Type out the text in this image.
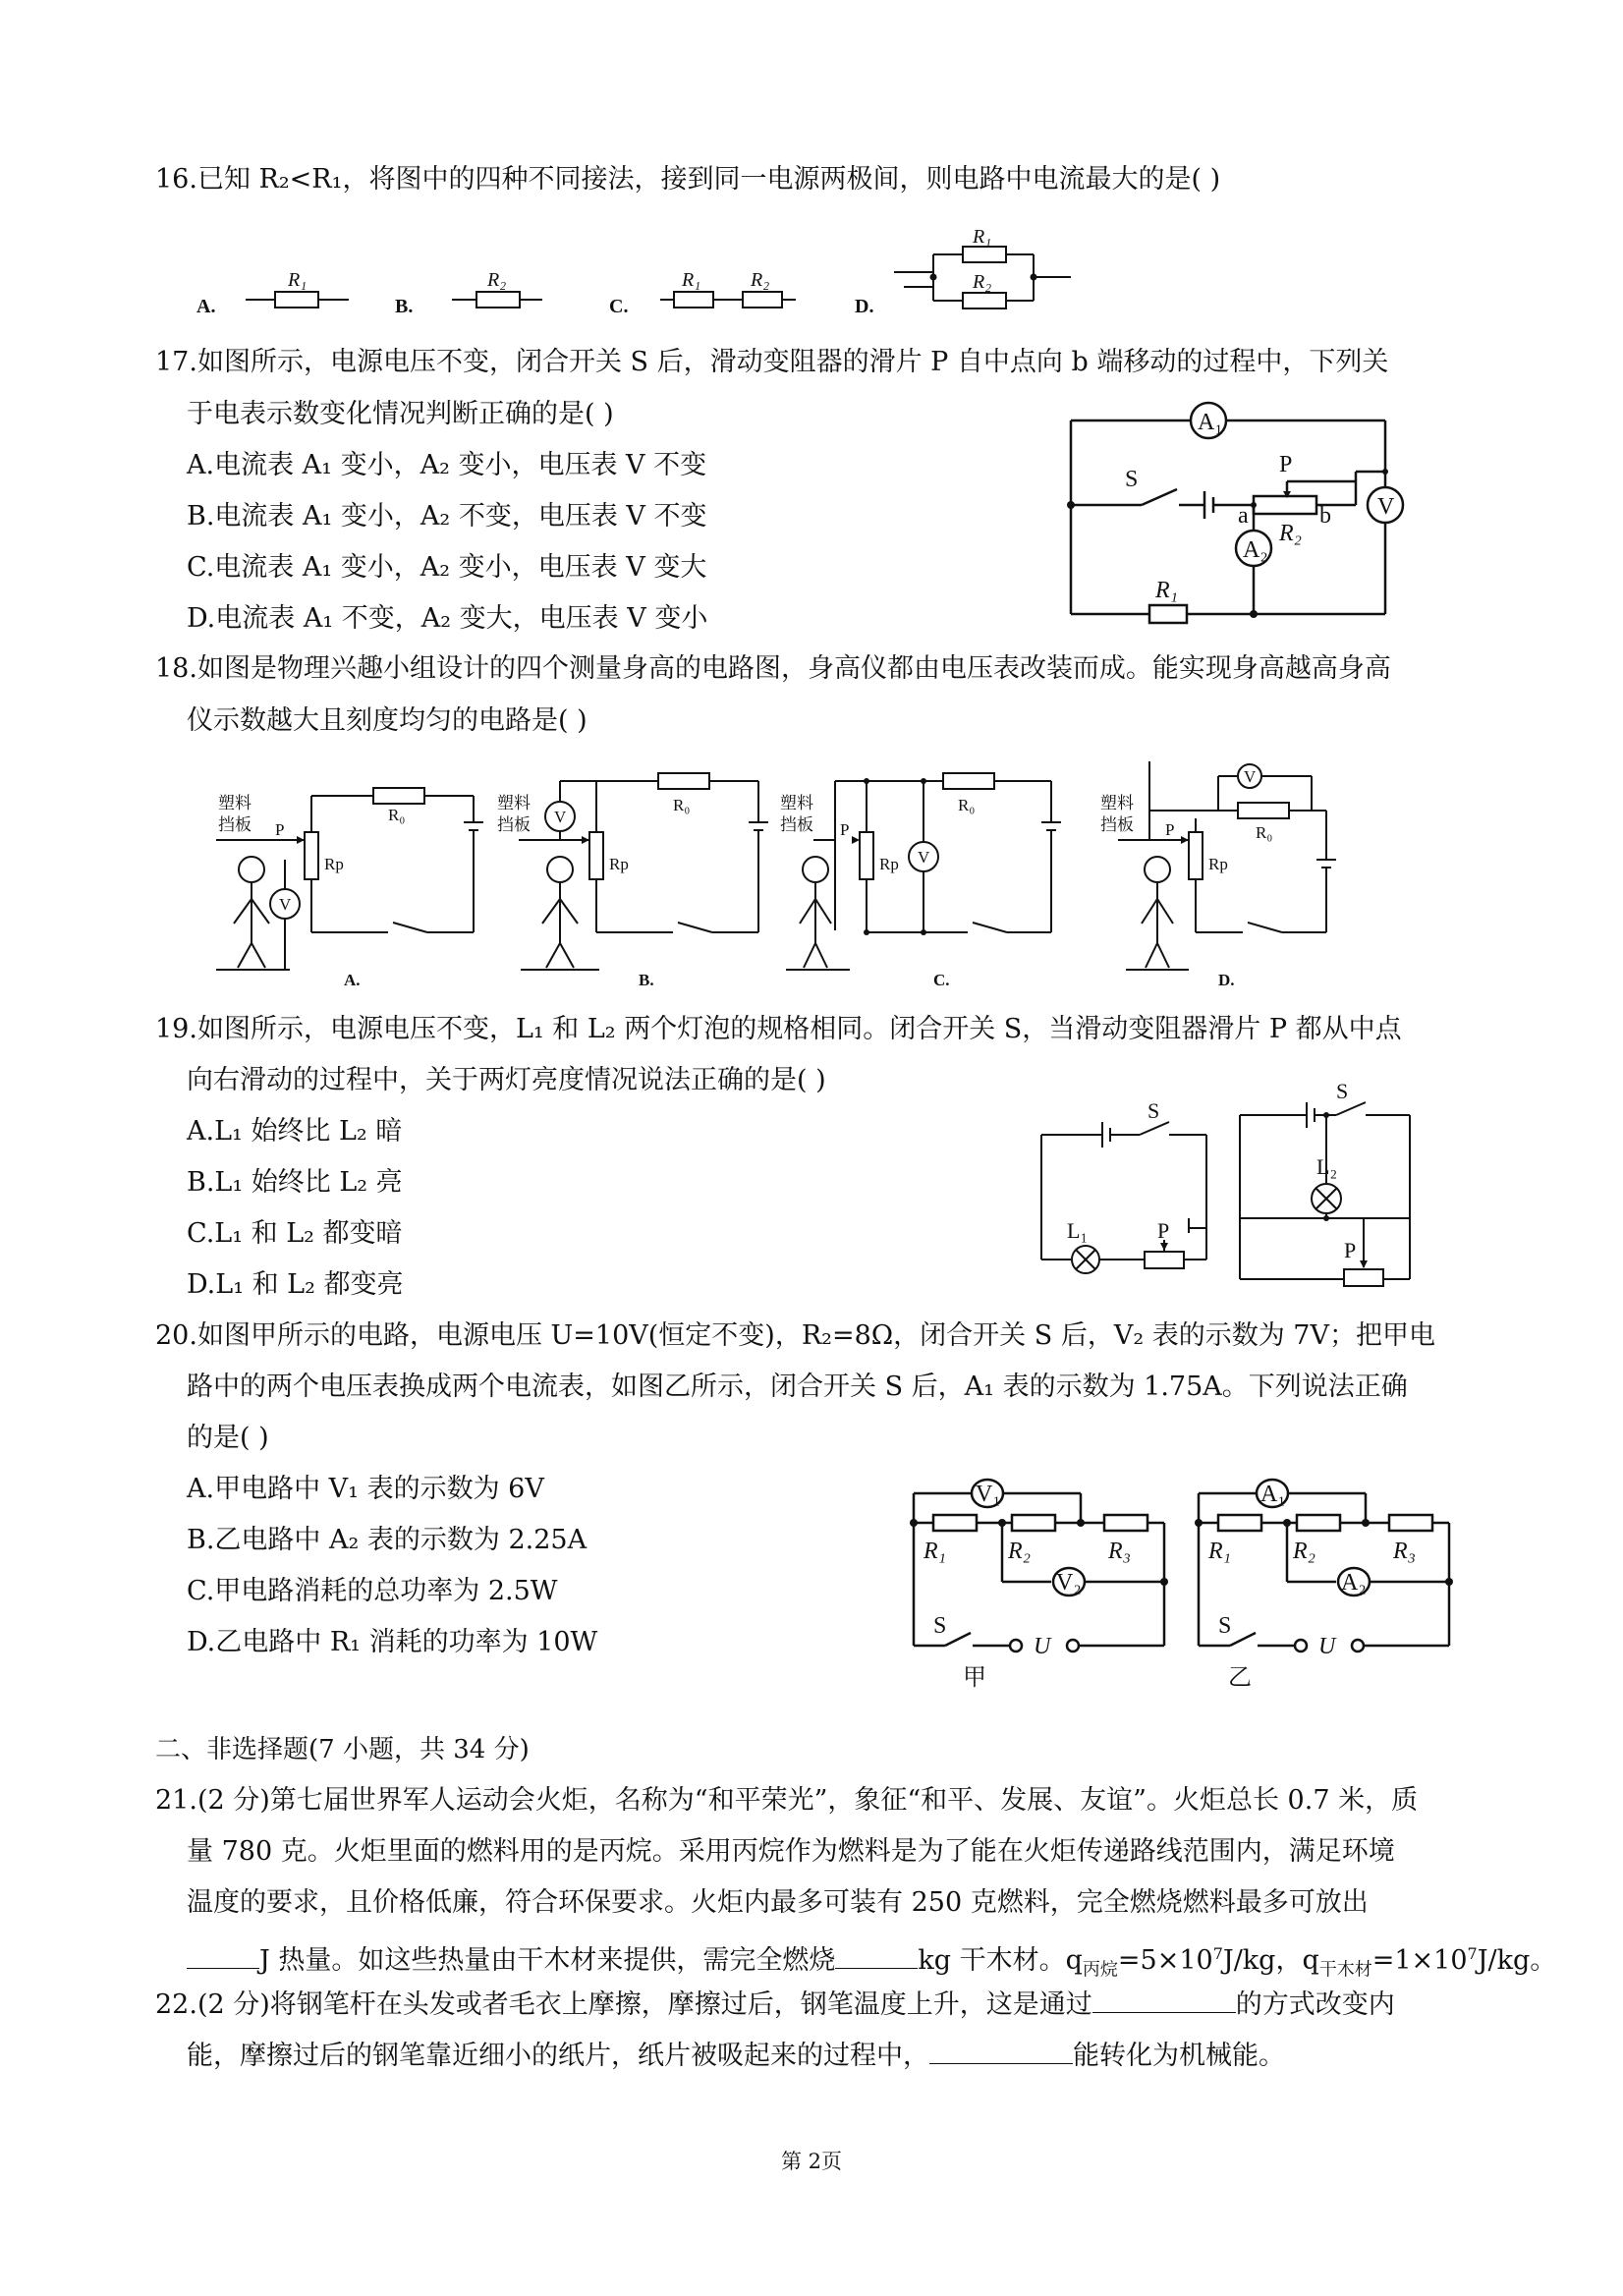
16.已知 R₂<R₁，将图中的四种不同接法，接到同一电源两极间，则电路中电流最大的是( )
R₁	R₂	R₁	R₂
R₁
R₂
A.	B.	C.	D.
17.如图所示，电源电压不变，闭合开关 S 后，滑动变阻器的滑片 P 自中点向 b 端移动的过程中，下列关
于电表示数变化情况判断正确的是( )
A.电流表 A₁ 变小，A₂ 变小，电压表 V 不变
B.电流表 A₁ 变小，A₂ 不变，电压表 V 不变
C.电流表 A₁ 变小，A₂ 变小，电压表 V 变大
D.电流表 A₁ 不变，A₂ 变大，电压表 V 变小
A₁
A₂
V
S
P
a	b
R₂
R₁
18.如图是物理兴趣小组设计的四个测量身高的电路图，身高仪都由电压表改装而成。能实现身高越高身高
仪示数越大且刻度均匀的电路是( )
塑料
挡板 P
Rp
R₀
V
A.
塑料
挡板
Rp
R₀
V
B.
塑料
挡板 P
Rp
R₀
V
C.
塑料
挡板 P
Rp
R₀
V
D.
19.如图所示，电源电压不变，L₁ 和 L₂ 两个灯泡的规格相同。闭合开关 S，当滑动变阻器滑片 P 都从中点
向右滑动的过程中，关于两灯亮度情况说法正确的是( )
A.L₁ 始终比 L₂ 暗
B.L₁ 始终比 L₂ 亮
C.L₁ 和 L₂ 都变暗
D.L₁ 和 L₂ 都变亮
S
L₁	P
S
L₂
P
20.如图甲所示的电路，电源电压 U=10V(恒定不变)，R₂=8Ω，闭合开关 S 后，V₂ 表的示数为 7V；把甲电
路中的两个电压表换成两个电流表，如图乙所示，闭合开关 S 后，A₁ 表的示数为 1.75A。下列说法正确
的是( )
A.甲电路中 V₁ 表的示数为 6V
B.乙电路中 A₂ 表的示数为 2.25A
C.甲电路消耗的总功率为 2.5W
D.乙电路中 R₁ 消耗的功率为 10W
V₁
V₂
R₁	R₂	R₃
S
U
甲
A₁
A₂
R₁	R₂	R₃
S
U
乙
二、非选择题(7 小题，共 34 分)
21.(2 分)第七届世界军人运动会火炬，名称为“和平荣光”，象征“和平、发展、友谊”。火炬总长 0.7 米，质
量 780 克。火炬里面的燃料用的是丙烷。采用丙烷作为燃料是为了能在火炬传递路线范围内，满足环境
温度的要求，且价格低廉，符合环保要求。火炬内最多可装有 250 克燃料，完全燃烧燃料最多可放出
J 热量。如这些热量由干木材来提供，需完全燃烧	kg 干木材。$q_{丙烷}=5\times 10^7J/kg$，$q_{干木材}=1\times 10^7J/kg$。
22.(2 分)将钢笔杆在头发或者毛衣上摩擦，摩擦过后，钢笔温度上升，这是通过	的方式改变内
能，摩擦过后的钢笔靠近细小的纸片，纸片被吸起来的过程中，	能转化为机械能。
第 2页
